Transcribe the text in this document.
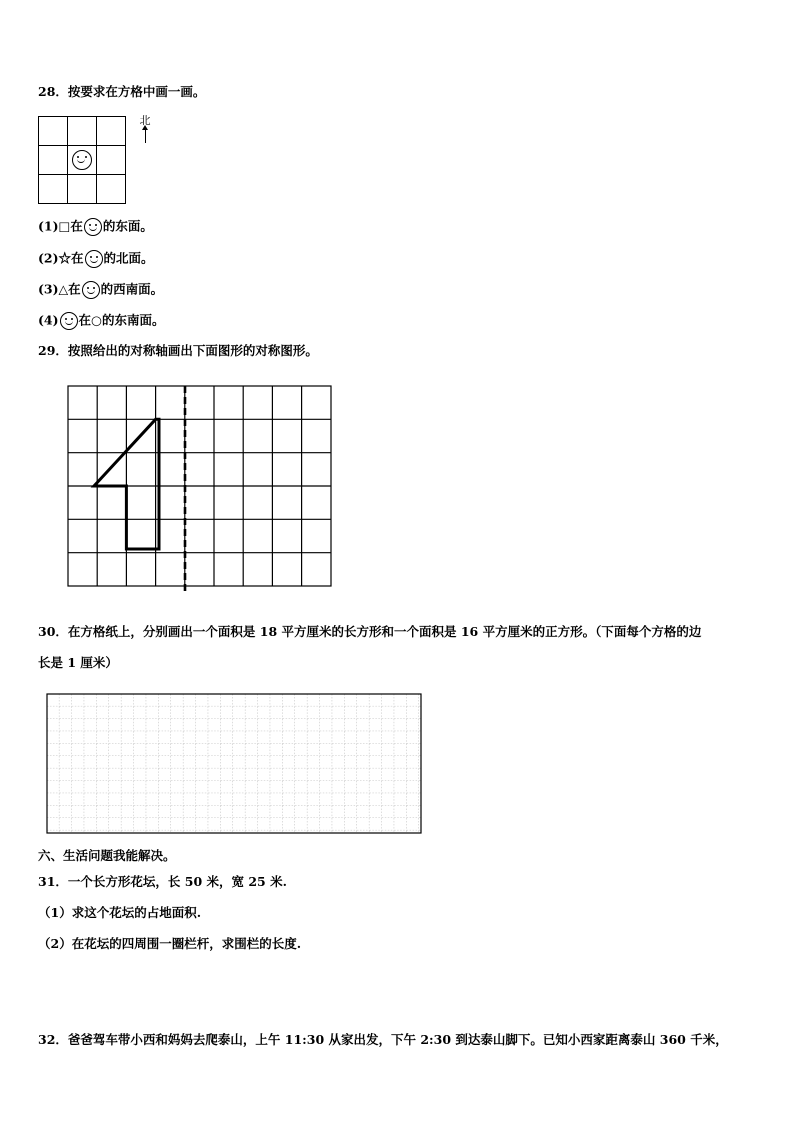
28．按要求在方格中画一画。

北
(1)□在 的东面。
(2)☆在 的北面。
(3)△在 的西南面。
(4) 在○的东南面。
29．按照给出的对称轴画出下面图形的对称图形。
30．在方格纸上，分别画出一个面积是 18 平方厘米的长方形和一个面积是 16 平方厘米的正方形。（下面每个方格的边
长是 1 厘米）
六、生活问题我能解决。
31．一个长方形花坛，长 50 米，宽 25 米.
（1）求这个花坛的占地面积.
（2）在花坛的四周围一圈栏杆，求围栏的长度.
32．爸爸驾车带小西和妈妈去爬泰山，上午 11:30 从家出发，下午 2:30 到达泰山脚下。已知小西家距离泰山 360 千米，
